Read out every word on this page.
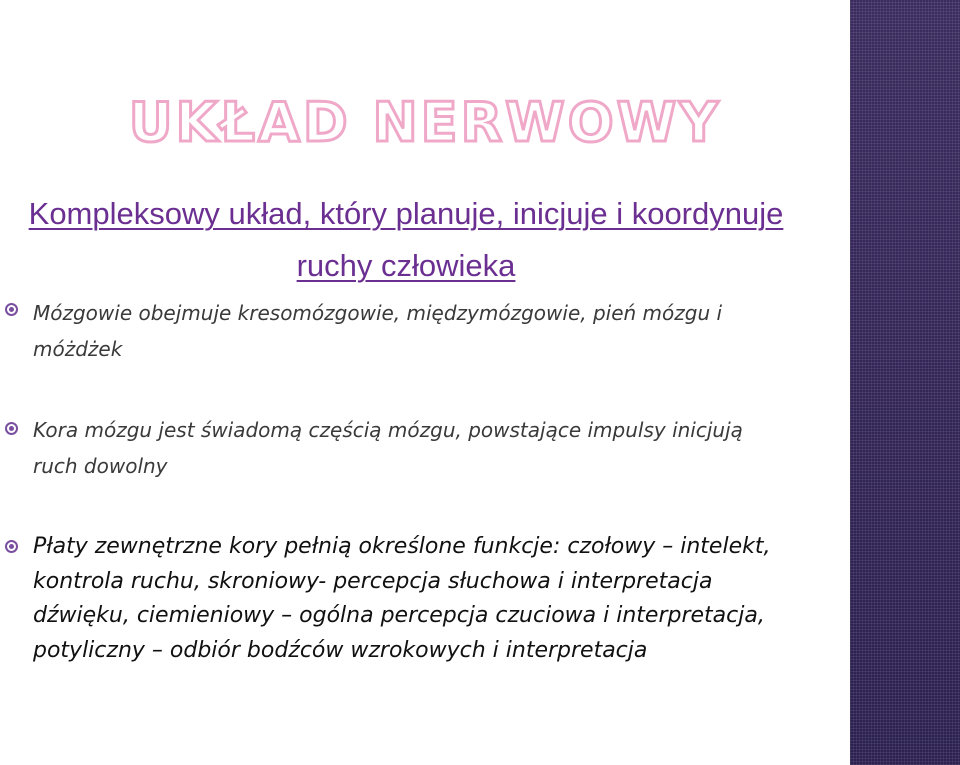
UKŁAD NERWOWY

Kompleksowy układ, który planuje, inicjuje i koordynuje ruchy człowieka

Mózgowie obejmuje kresomózgowie, międzymózgowie, pień mózgu i móżdżek

Kora mózgu jest świadomą częścią mózgu, powstające impulsy inicjują ruch dowolny

Płaty zewnętrzne kory pełnią określone funkcje: czołowy – intelekt, kontrola ruchu, skroniowy- percepcja słuchowa i interpretacja dźwięku, ciemieniowy – ogólna percepcja czuciowa i interpretacja, potyliczny – odbiór bodźców wzrokowych i interpretacja
